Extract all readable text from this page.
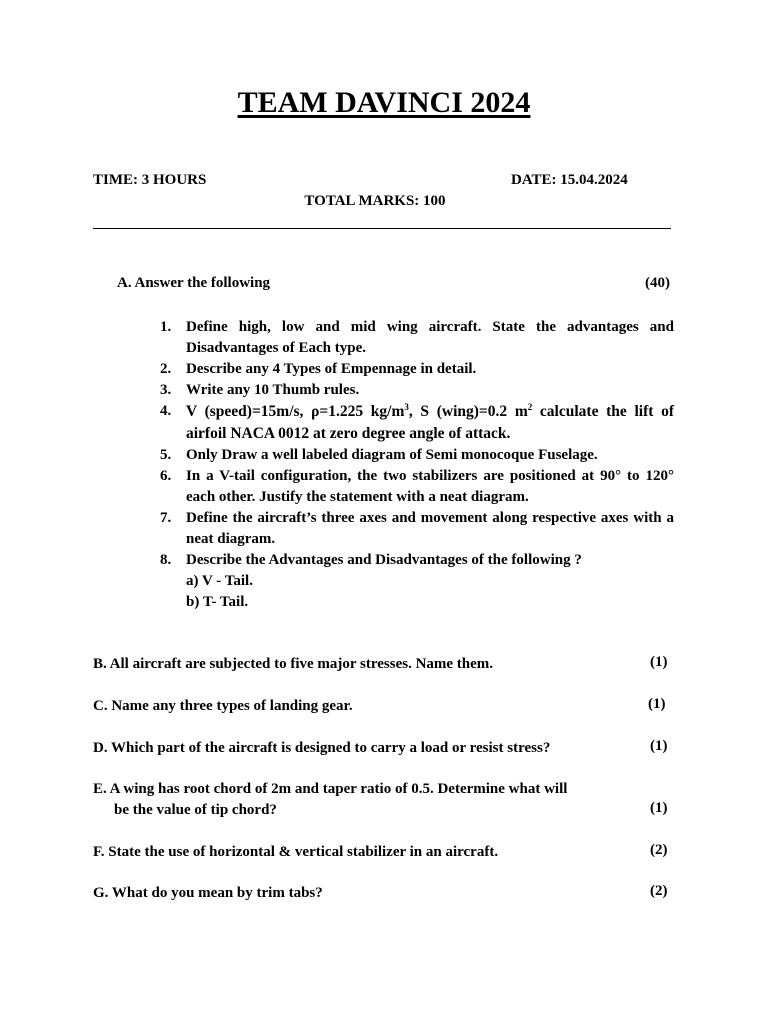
TEAM DAVINCI 2024
TIME: 3 HOURS	DATE: 15.04.2024
TOTAL MARKS: 100
A. Answer the following	(40)
1. Define high, low and mid wing aircraft. State the advantages and Disadvantages of Each type.
2. Describe any 4 Types of Empennage in detail.
3. Write any 10 Thumb rules.
4. V (speed)=15m/s, ρ=1.225 $kg/m^3$, S (wing)=0.2 $m^2$ calculate the lift of airfoil NACA 0012 at zero degree angle of attack.
5. Only Draw a well labeled diagram of Semi monocoque Fuselage.
6. In a V-tail configuration, the two stabilizers are positioned at 90° to 120° each other. Justify the statement with a neat diagram.
7. Define the aircraft’s three axes and movement along respective axes with a neat diagram.
8. Describe the Advantages and Disadvantages of the following ?
a) V - Tail.
b) T- Tail.
B. All aircraft are subjected to five major stresses. Name them.	(1)
C. Name any three types of landing gear.	(1)
D. Which part of the aircraft is designed to carry a load or resist stress?	(1)
E. A wing has root chord of 2m and taper ratio of 0.5. Determine what will
be the value of tip chord?	(1)
F. State the use of horizontal & vertical stabilizer in an aircraft.	(2)
G. What do you mean by trim tabs?	(2)
